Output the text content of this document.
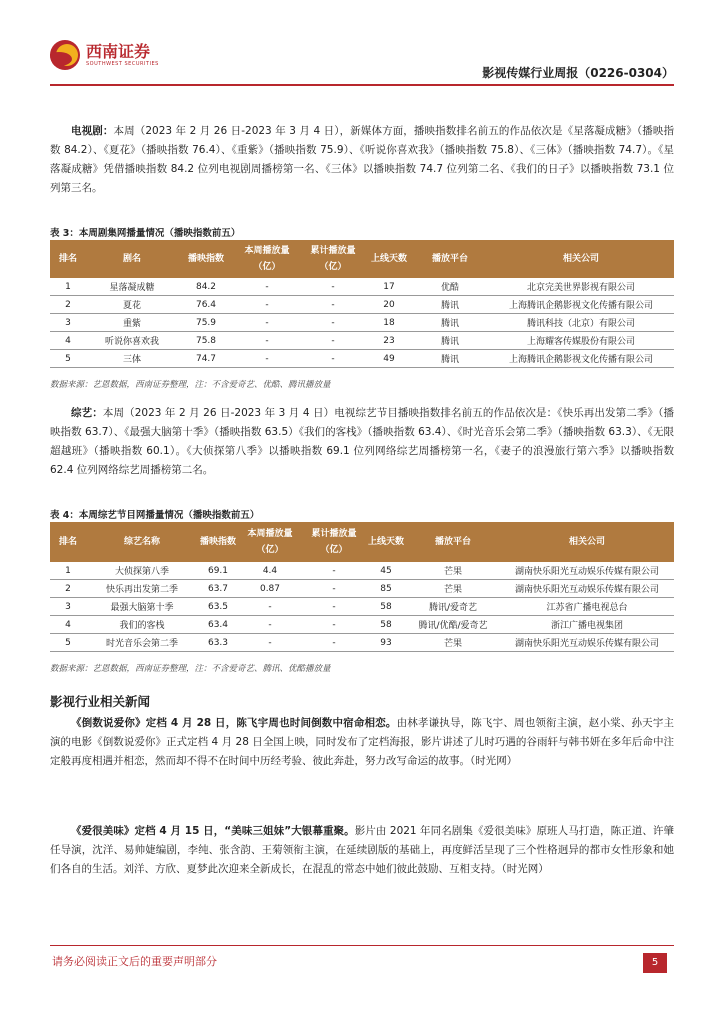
西南证券
SOUTHWEST SECURITIES
影视传媒行业周报（0226-0304）

电视剧：本周（2023 年 2 月 26 日-2023 年 3 月 4 日），新媒体方面，播映指数排名前五的作品依次是《星落凝成糖》（播映指数 84.2）、《夏花》（播映指数 76.4）、《重紫》（播映指数 75.9）、《听说你喜欢我》（播映指数 75.8）、《三体》（播映指数 74.7）。《星落凝成糖》凭借播映指数 84.2 位列电视剧周播榜第一名、《三体》以播映指数 74.7 位列第二名、《我们的日子》以播映指数 73.1 位列第三名。

表 3：本周剧集网播量情况（播映指数前五）
排名	剧名	播映指数	本周播放量（亿）	累计播放量（亿）	上线天数	播放平台	相关公司
1	星落凝成糖	84.2	-	-	17	优酷	北京完美世界影视有限公司
2	夏花	76.4	-	-	20	腾讯	上海腾讯企鹅影视文化传播有限公司
3	重紫	75.9	-	-	18	腾讯	腾讯科技（北京）有限公司
4	听说你喜欢我	75.8	-	-	23	腾讯	上海耀客传媒股份有限公司
5	三体	74.7	-	-	49	腾讯	上海腾讯企鹅影视文化传播有限公司
数据来源：艺恩数据，西南证券整理，注：不含爱奇艺、优酷、腾讯播放量

综艺：本周（2023 年 2 月 26 日-2023 年 3 月 4 日）电视综艺节目播映指数排名前五的作品依次是：《快乐再出发第二季》（播映指数 63.7）、《最强大脑第十季》（播映指数 63.5）《我们的客栈》（播映指数 63.4）、《时光音乐会第二季》（播映指数 63.3）、《无限超越班》（播映指数 60.1）。《大侦探第八季》以播映指数 69.1 位列网络综艺周播榜第一名，《妻子的浪漫旅行第六季》以播映指数 62.4 位列网络综艺周播榜第二名。

表 4：本周综艺节目网播量情况（播映指数前五）
排名	综艺名称	播映指数	本周播放量（亿）	累计播放量（亿）	上线天数	播放平台	相关公司
1	大侦探第八季	69.1	4.4	-	45	芒果	湖南快乐阳光互动娱乐传媒有限公司
2	快乐再出发第二季	63.7	0.87	-	85	芒果	湖南快乐阳光互动娱乐传媒有限公司
3	最强大脑第十季	63.5	-	-	58	腾讯/爱奇艺	江苏省广播电视总台
4	我们的客栈	63.4	-	-	58	腾讯/优酷/爱奇艺	浙江广播电视集团
5	时光音乐会第二季	63.3	-	-	93	芒果	湖南快乐阳光互动娱乐传媒有限公司
数据来源：艺恩数据，西南证券整理，注：不含爱奇艺、腾讯、优酷播放量
影视行业相关新闻

《倒数说爱你》定档 4 月 28 日，陈飞宇周也时间倒数中宿命相恋。由林孝谦执导，陈飞宇、周也领衔主演，赵小棠、孙天宇主演的电影《倒数说爱你》正式定档 4 月 28 日全国上映，同时发布了定档海报，影片讲述了儿时巧遇的谷雨轩与韩书妍在多年后命中注定般再度相遇并相恋，然而却不得不在时间中历经考验、彼此奔赴，努力改写命运的故事。（时光网）

《爱很美味》定档 4 月 15 日，“美味三姐妹”大银幕重聚。影片由 2021 年同名剧集《爱很美味》原班人马打造，陈正道、许肇任导演，沈洋、易帅婕编剧，李纯、张含韵、王菊领衔主演，在延续剧版的基础上，再度鲜活呈现了三个性格迥异的都市女性形象和她们各自的生活。刘洋、方欣、夏梦此次迎来全新成长，在混乱的常态中她们彼此鼓励、互相支持。（时光网）

请务必阅读正文后的重要声明部分	5
